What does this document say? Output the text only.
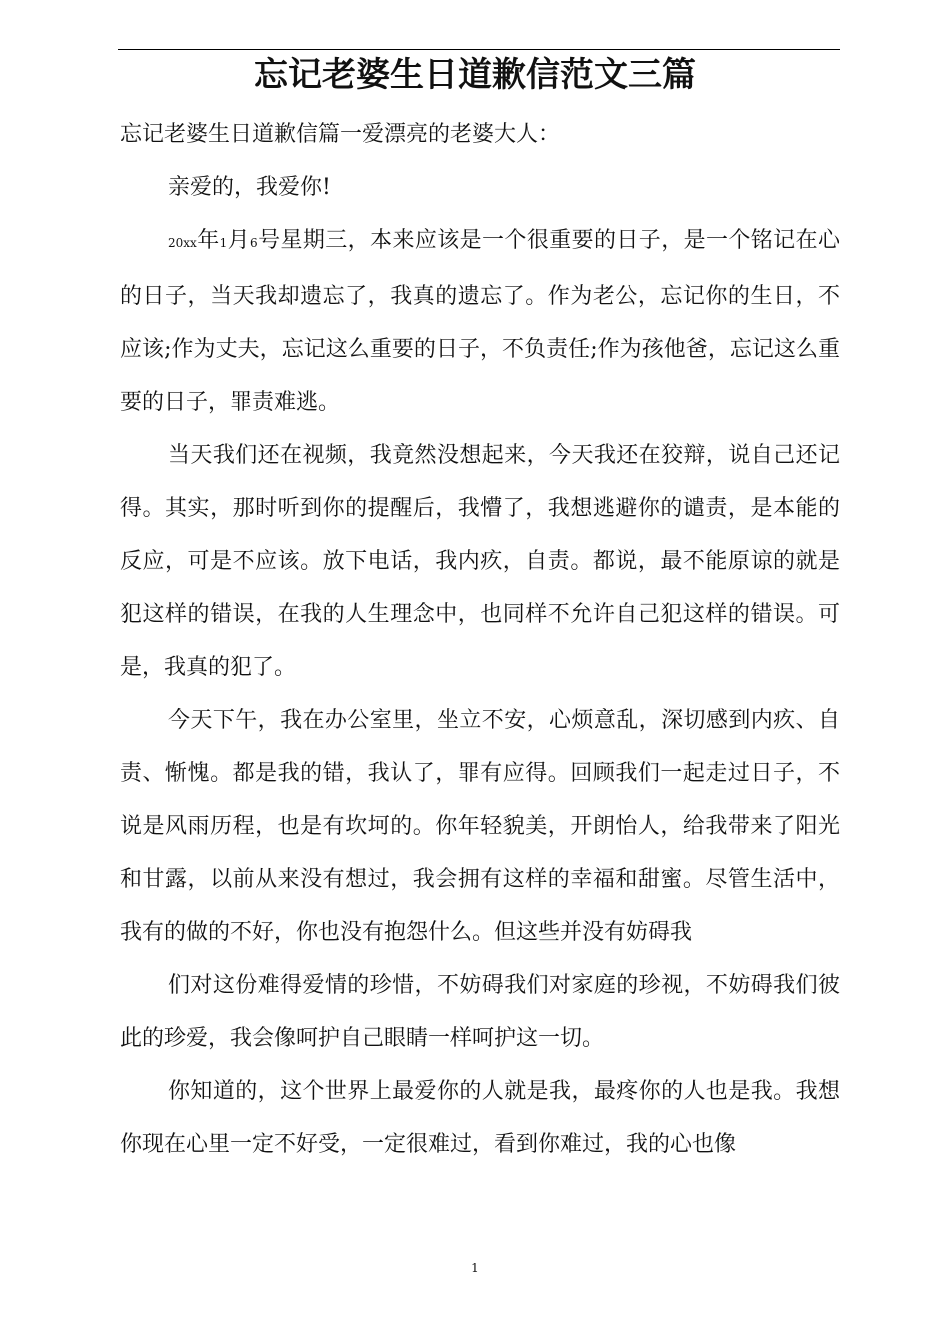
忘记老婆生日道歉信范文三篇

忘记老婆生日道歉信篇一爱漂亮的老婆大人：

亲爱的，我爱你!

20xx年1月6号星期三，本来应该是一个很重要的日子，是一个铭记在心的日子，当天我却遗忘了，我真的遗忘了。作为老公，忘记你的生日，不应该;作为丈夫，忘记这么重要的日子，不负责任;作为孩他爸，忘记这么重要的日子，罪责难逃。

当天我们还在视频，我竟然没想起来，今天我还在狡辩，说自己还记得。其实，那时听到你的提醒后，我懵了，我想逃避你的谴责，是本能的反应，可是不应该。放下电话，我内疚，自责。都说，最不能原谅的就是犯这样的错误，在我的人生理念中，也同样不允许自己犯这样的错误。可是，我真的犯了。

今天下午，我在办公室里，坐立不安，心烦意乱，深切感到内疚、自责、惭愧。都是我的错，我认了，罪有应得。回顾我们一起走过日子，不说是风雨历程，也是有坎坷的。你年轻貌美，开朗怡人，给我带来了阳光和甘露，以前从来没有想过，我会拥有这样的幸福和甜蜜。尽管生活中，我有的做的不好，你也没有抱怨什么。但这些并没有妨碍我

们对这份难得爱情的珍惜，不妨碍我们对家庭的珍视，不妨碍我们彼此的珍爱，我会像呵护自己眼睛一样呵护这一切。

你知道的，这个世界上最爱你的人就是我，最疼你的人也是我。我想你现在心里一定不好受，一定很难过，看到你难过，我的心也像

1
